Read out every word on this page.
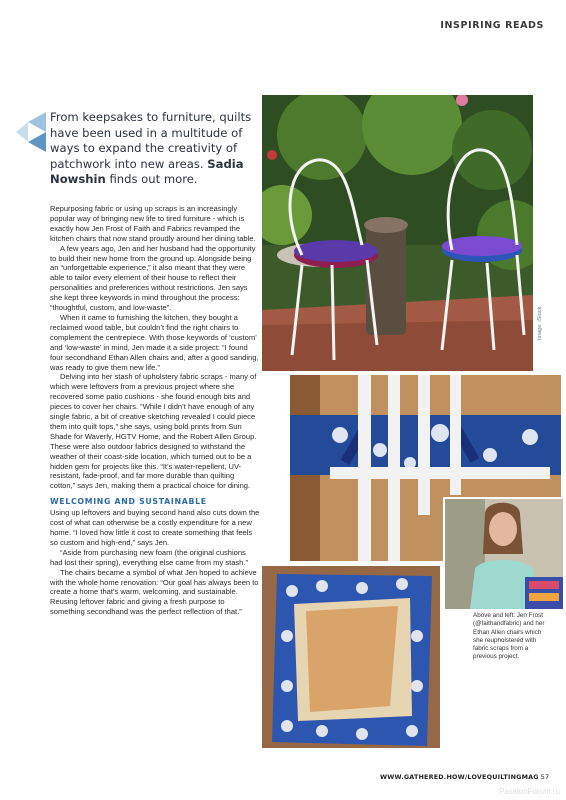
INSPIRING READS
From keepsakes to furniture, quilts have been used in a multitude of ways to expand the creativity of patchwork into new areas. Sadia Nowshin finds out more.

Repurposing fabric or using up scraps is an increasingly popular way of bringing new life to tired furniture - which is exactly how Jen Frost of Faith and Fabrics revamped the kitchen chairs that now stand proudly around her dining table.

A few years ago, Jen and her husband had the opportunity to build their new home from the ground up. Alongside being an “unforgettable experience,” it also meant that they were able to tailor every element of their house to reflect their personalities and preferences without restrictions. Jen says she kept three keywords in mind throughout the process: “thoughtful, custom, and low-waste”.

When it came to furnishing the kitchen, they bought a reclaimed wood table, but couldn’t find the right chairs to complement the centrepiece. With those keywords of ‘custom’ and ‘low-waste’ in mind, Jen made it a side project: “I found four secondhand Ethan Allen chairs and, after a good sanding, was ready to give them new life.”

Delving into her stash of upholstery fabric scraps - many of which were leftovers from a previous project where she recovered some patio cushions - she found enough bits and pieces to cover her chairs. “While I didn’t have enough of any single fabric, a bit of creative sketching revealed I could piece them into quilt tops,” she says, using bold prints from Sun Shade for Waverly, HGTV Home, and the Robert Allen Group. These were also outdoor fabrics designed to withstand the weather of their coast-side location, which turned out to be a hidden gem for projects like this. “It’s water-repellent, UV-resistant, fade-proof, and far more durable than quilting cotton,” says Jen, making them a practical choice for dining.

WELCOMING AND SUSTAINABLE

Using up leftovers and buying second hand also cuts down the cost of what can otherwise be a costly expenditure for a new home. “I loved how little it cost to create something that feels so custom and high-end,” says Jen.

“Aside from purchasing new foam (the original cushions had lost their spring), everything else came from my stash.”

The chairs became a symbol of what Jen hoped to achieve with the whole home renovation: “Our goal has always been to create a home that’s warm, welcoming, and sustainable. Reusing leftover fabric and giving a fresh purpose to something secondhand was the perfect reflection of that.”

Image: iStock
Above and left: Jen Frost (@faithandfabric) and her Ethan Allen chairs which she reupholstered with fabric scraps from a previous project.
WWW.GATHERED.HOW/LOVEQUILTINGMAG 57
PassionForum.ru
